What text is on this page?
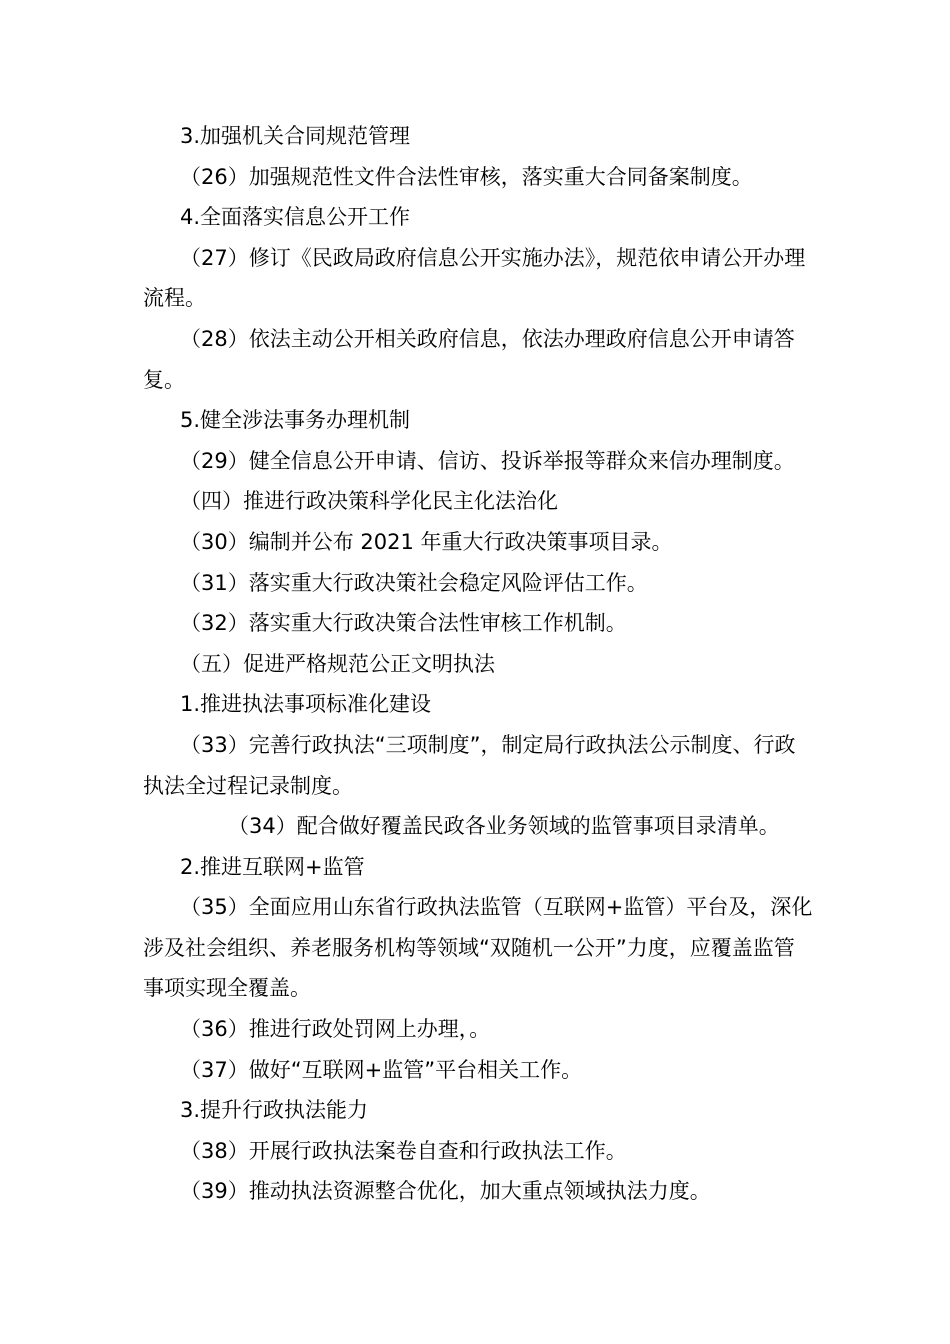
3.加强机关合同规范管理

（26）加强规范性文件合法性审核，落实重大合同备案制度。

4.全面落实信息公开工作

（27）修订《民政局政府信息公开实施办法》，规范依申请公开办理流程。

（28）依法主动公开相关政府信息，依法办理政府信息公开申请答复。

5.健全涉法事务办理机制

（29）健全信息公开申请、信访、投诉举报等群众来信办理制度。

（四）推进行政决策科学化民主化法治化

（30）编制并公布 2021 年重大行政决策事项目录。

（31）落实重大行政决策社会稳定风险评估工作。

（32）落实重大行政决策合法性审核工作机制。

（五）促进严格规范公正文明执法

1.推进执法事项标准化建设

（33）完善行政执法“三项制度”，制定局行政执法公示制度、行政执法全过程记录制度。

（34）配合做好覆盖民政各业务领域的监管事项目录清单。

2.推进互联网+监管

（35）全面应用山东省行政执法监管（互联网+监管）平台及，深化涉及社会组织、养老服务机构等领域“双随机一公开”力度，应覆盖监管事项实现全覆盖。

（36）推进行政处罚网上办理，。

（37）做好“互联网+监管”平台相关工作。

3.提升行政执法能力

（38）开展行政执法案卷自查和行政执法工作。

（39）推动执法资源整合优化，加大重点领域执法力度。
